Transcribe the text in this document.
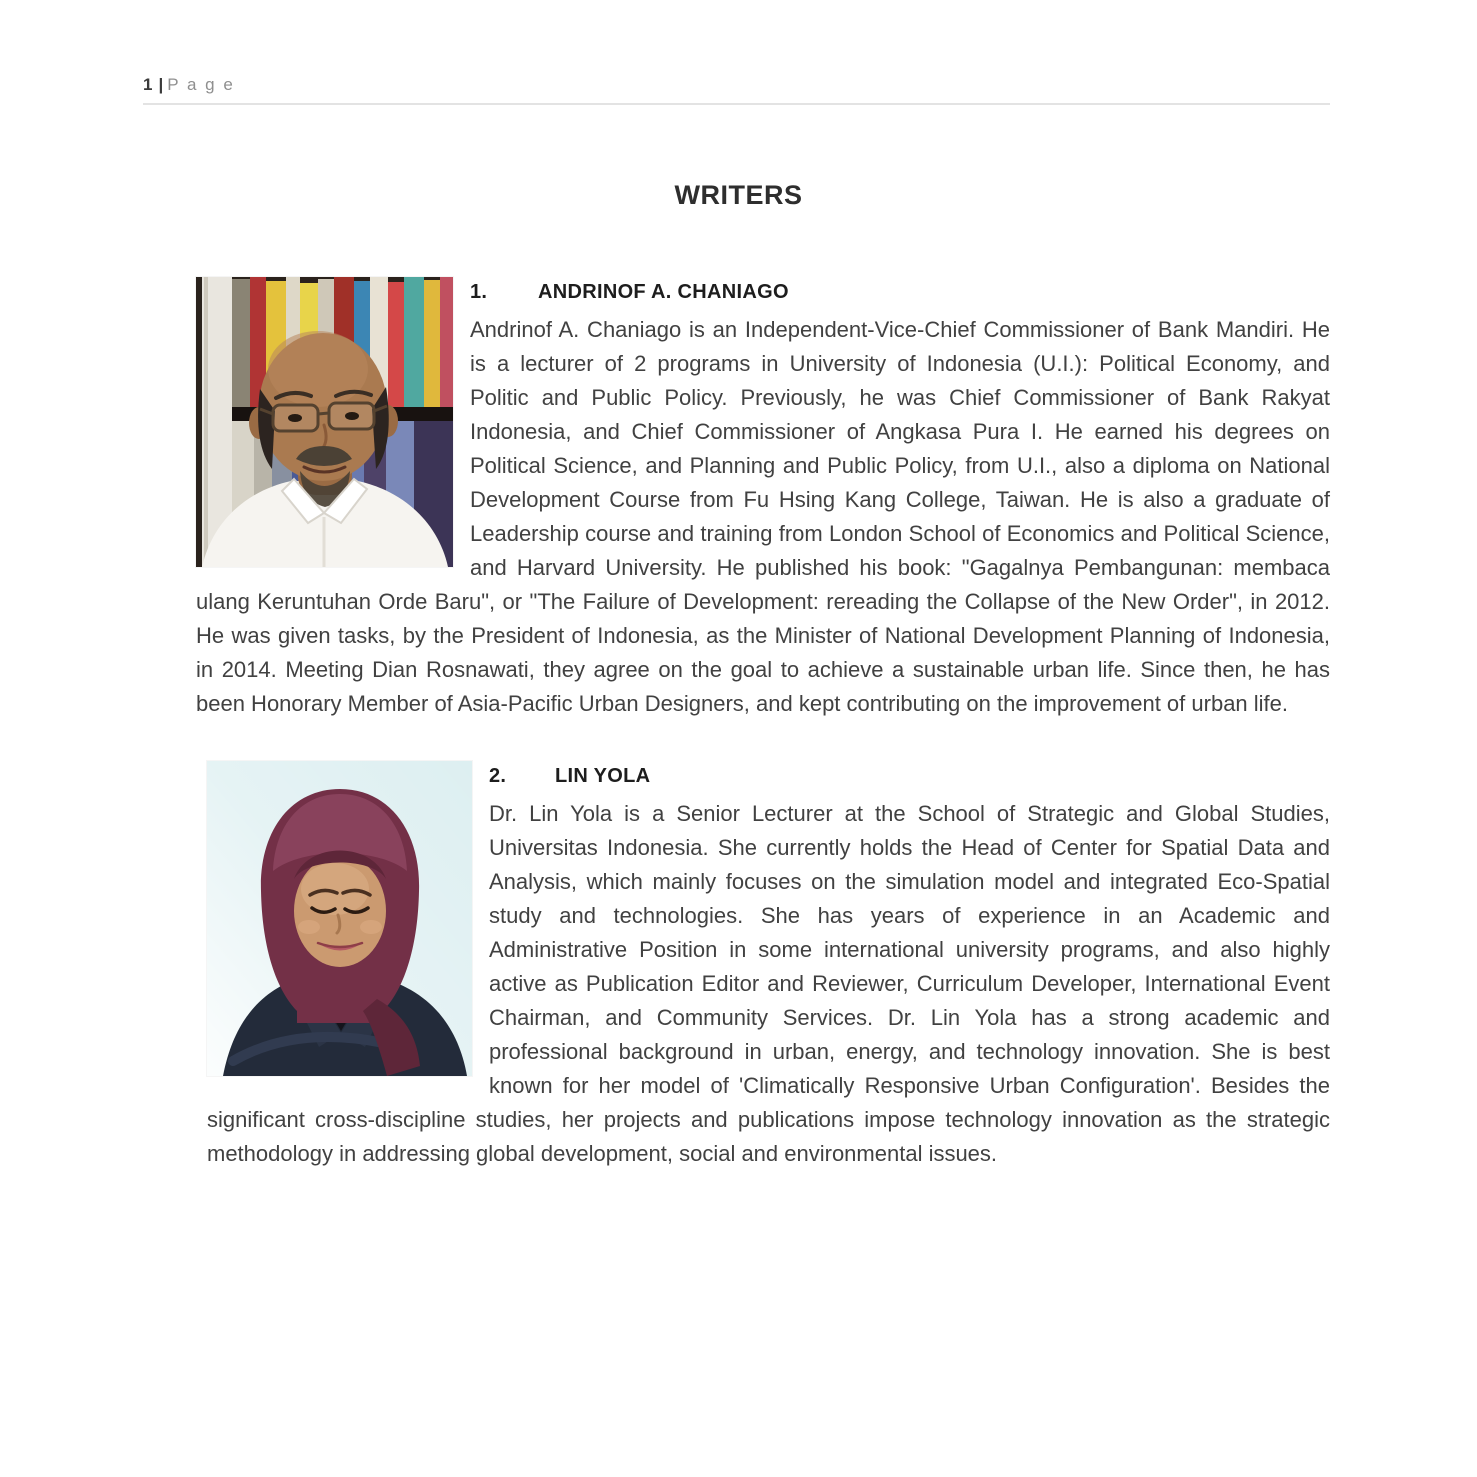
1 | P a g e
WRITERS
1.	ANDRINOF A. CHANIAGO

Andrinof A. Chaniago is an Independent-Vice-Chief Commissioner of Bank Mandiri. He is a lecturer of 2 programs in University of Indonesia (U.I.): Political Economy, and Politic and Public Policy. Previously, he was Chief Commissioner of Bank Rakyat Indonesia, and Chief Commissioner of Angkasa Pura I. He earned his degrees on Political Science, and Planning and Public Policy, from U.I., also a diploma on National Development Course from Fu Hsing Kang College, Taiwan. He is also a graduate of Leadership course and training from London School of Economics and Political Science, and Harvard University. He published his book: "Gagalnya Pembangunan: membaca ulang Keruntuhan Orde Baru", or "The Failure of Development: rereading the Collapse of the New Order", in 2012. He was given tasks, by the President of Indonesia, as the Minister of National Development Planning of Indonesia, in 2014. Meeting Dian Rosnawati, they agree on the goal to achieve a sustainable urban life. Since then, he has been Honorary Member of Asia-Pacific Urban Designers, and kept contributing on the improvement of urban life.

2. LIN YOLA

Dr. Lin Yola is a Senior Lecturer at the School of Strategic and Global Studies, Universitas Indonesia. She currently holds the Head of Center for Spatial Data and Analysis, which mainly focuses on the simulation model and integrated Eco-Spatial study and technologies. She has years of experience in an Academic and Administrative Position in some international university programs, and also highly active as Publication Editor and Reviewer, Curriculum Developer, International Event Chairman, and Community Services. Dr. Lin Yola has a strong academic and professional background in urban, energy, and technology innovation. She is best known for her model of 'Climatically Responsive Urban Configuration'. Besides the significant cross-discipline studies, her projects and publications impose technology innovation as the strategic methodology in addressing global development, social and environmental issues.
